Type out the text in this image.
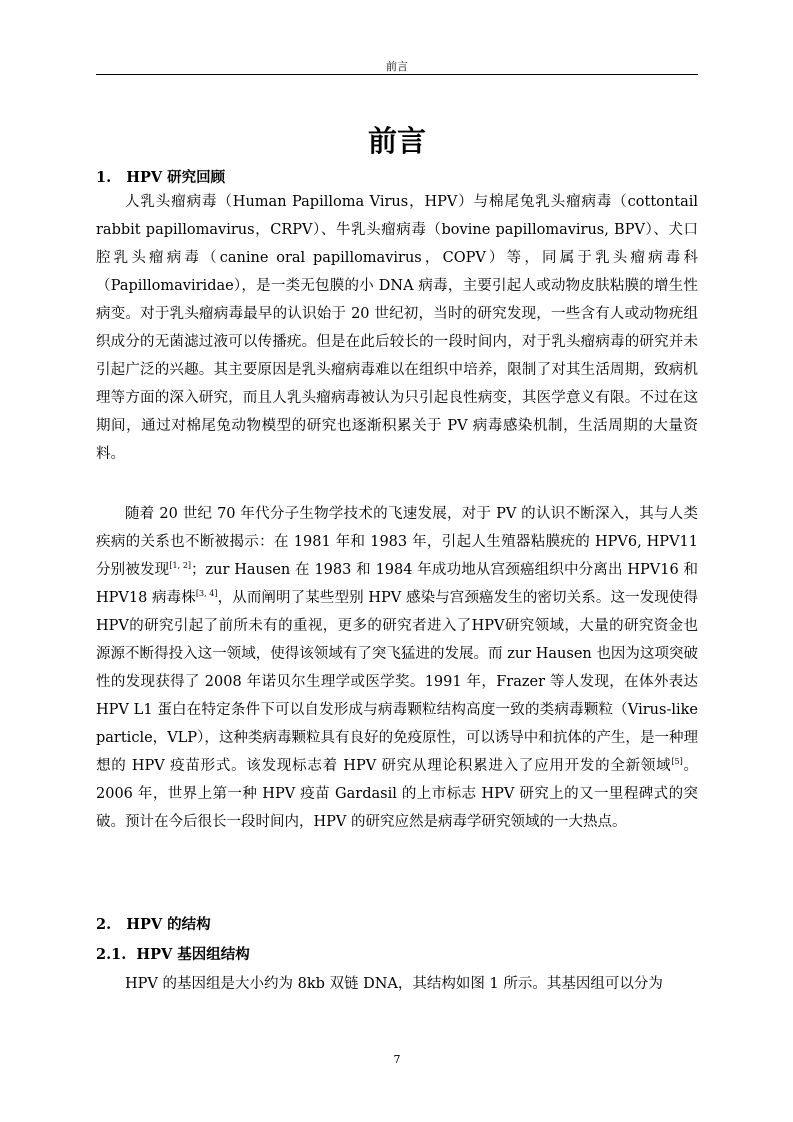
前言
前言
1.   HPV 研究回顾

人乳头瘤病毒（Human Papilloma Virus，HPV）与棉尾兔乳头瘤病毒（cottontail rabbit papillomavirus，CRPV）、牛乳头瘤病毒（bovine papillomavirus, BPV）、犬口腔乳头瘤病毒（canine oral papillomavirus，COPV）等，同属于乳头瘤病毒科（Papillomaviridae），是一类无包膜的小 DNA 病毒，主要引起人或动物皮肤粘膜的增生性病变。对于乳头瘤病毒最早的认识始于 20 世纪初，当时的研究发现，一些含有人或动物疣组织成分的无菌滤过液可以传播疣。但是在此后较长的一段时间内，对于乳头瘤病毒的研究并未引起广泛的兴趣。其主要原因是乳头瘤病毒难以在组织中培养，限制了对其生活周期，致病机理等方面的深入研究，而且人乳头瘤病毒被认为只引起良性病变，其医学意义有限。不过在这期间，通过对棉尾兔动物模型的研究也逐渐积累关于 PV 病毒感染机制，生活周期的大量资料。

随着 20 世纪 70 年代分子生物学技术的飞速发展，对于 PV 的认识不断深入，其与人类疾病的关系也不断被揭示：在 1981 年和 1983 年，引起人生殖器粘膜疣的 HPV6, HPV11 分别被发现[1, 2]；zur Hausen 在 1983 和 1984 年成功地从宫颈癌组织中分离出 HPV16 和 HPV18 病毒株[3, 4]，从而阐明了某些型别 HPV 感染与宫颈癌发生的密切关系。这一发现使得HPV的研究引起了前所未有的重视，更多的研究者进入了HPV研究领域，大量的研究资金也源源不断得投入这一领域，使得该领域有了突飞猛进的发展。而 zur Hausen 也因为这项突破性的发现获得了 2008 年诺贝尔生理学或医学奖。1991 年，Frazer 等人发现，在体外表达 HPV L1 蛋白在特定条件下可以自发形成与病毒颗粒结构高度一致的类病毒颗粒（Virus-like particle，VLP），这种类病毒颗粒具有良好的免疫原性，可以诱导中和抗体的产生，是一种理想的 HPV 疫苗形式。该发现标志着 HPV 研究从理论积累进入了应用开发的全新领域[5]。2006 年，世界上第一种 HPV 疫苗 Gardasil 的上市标志 HPV 研究上的又一里程碑式的突破。预计在今后很长一段时间内，HPV 的研究应然是病毒学研究领域的一大热点。

2.   HPV 的结构
2.1.  HPV 基因组结构

HPV 的基因组是大小约为 8kb 双链 DNA，其结构如图 1 所示。其基因组可以分为

7
